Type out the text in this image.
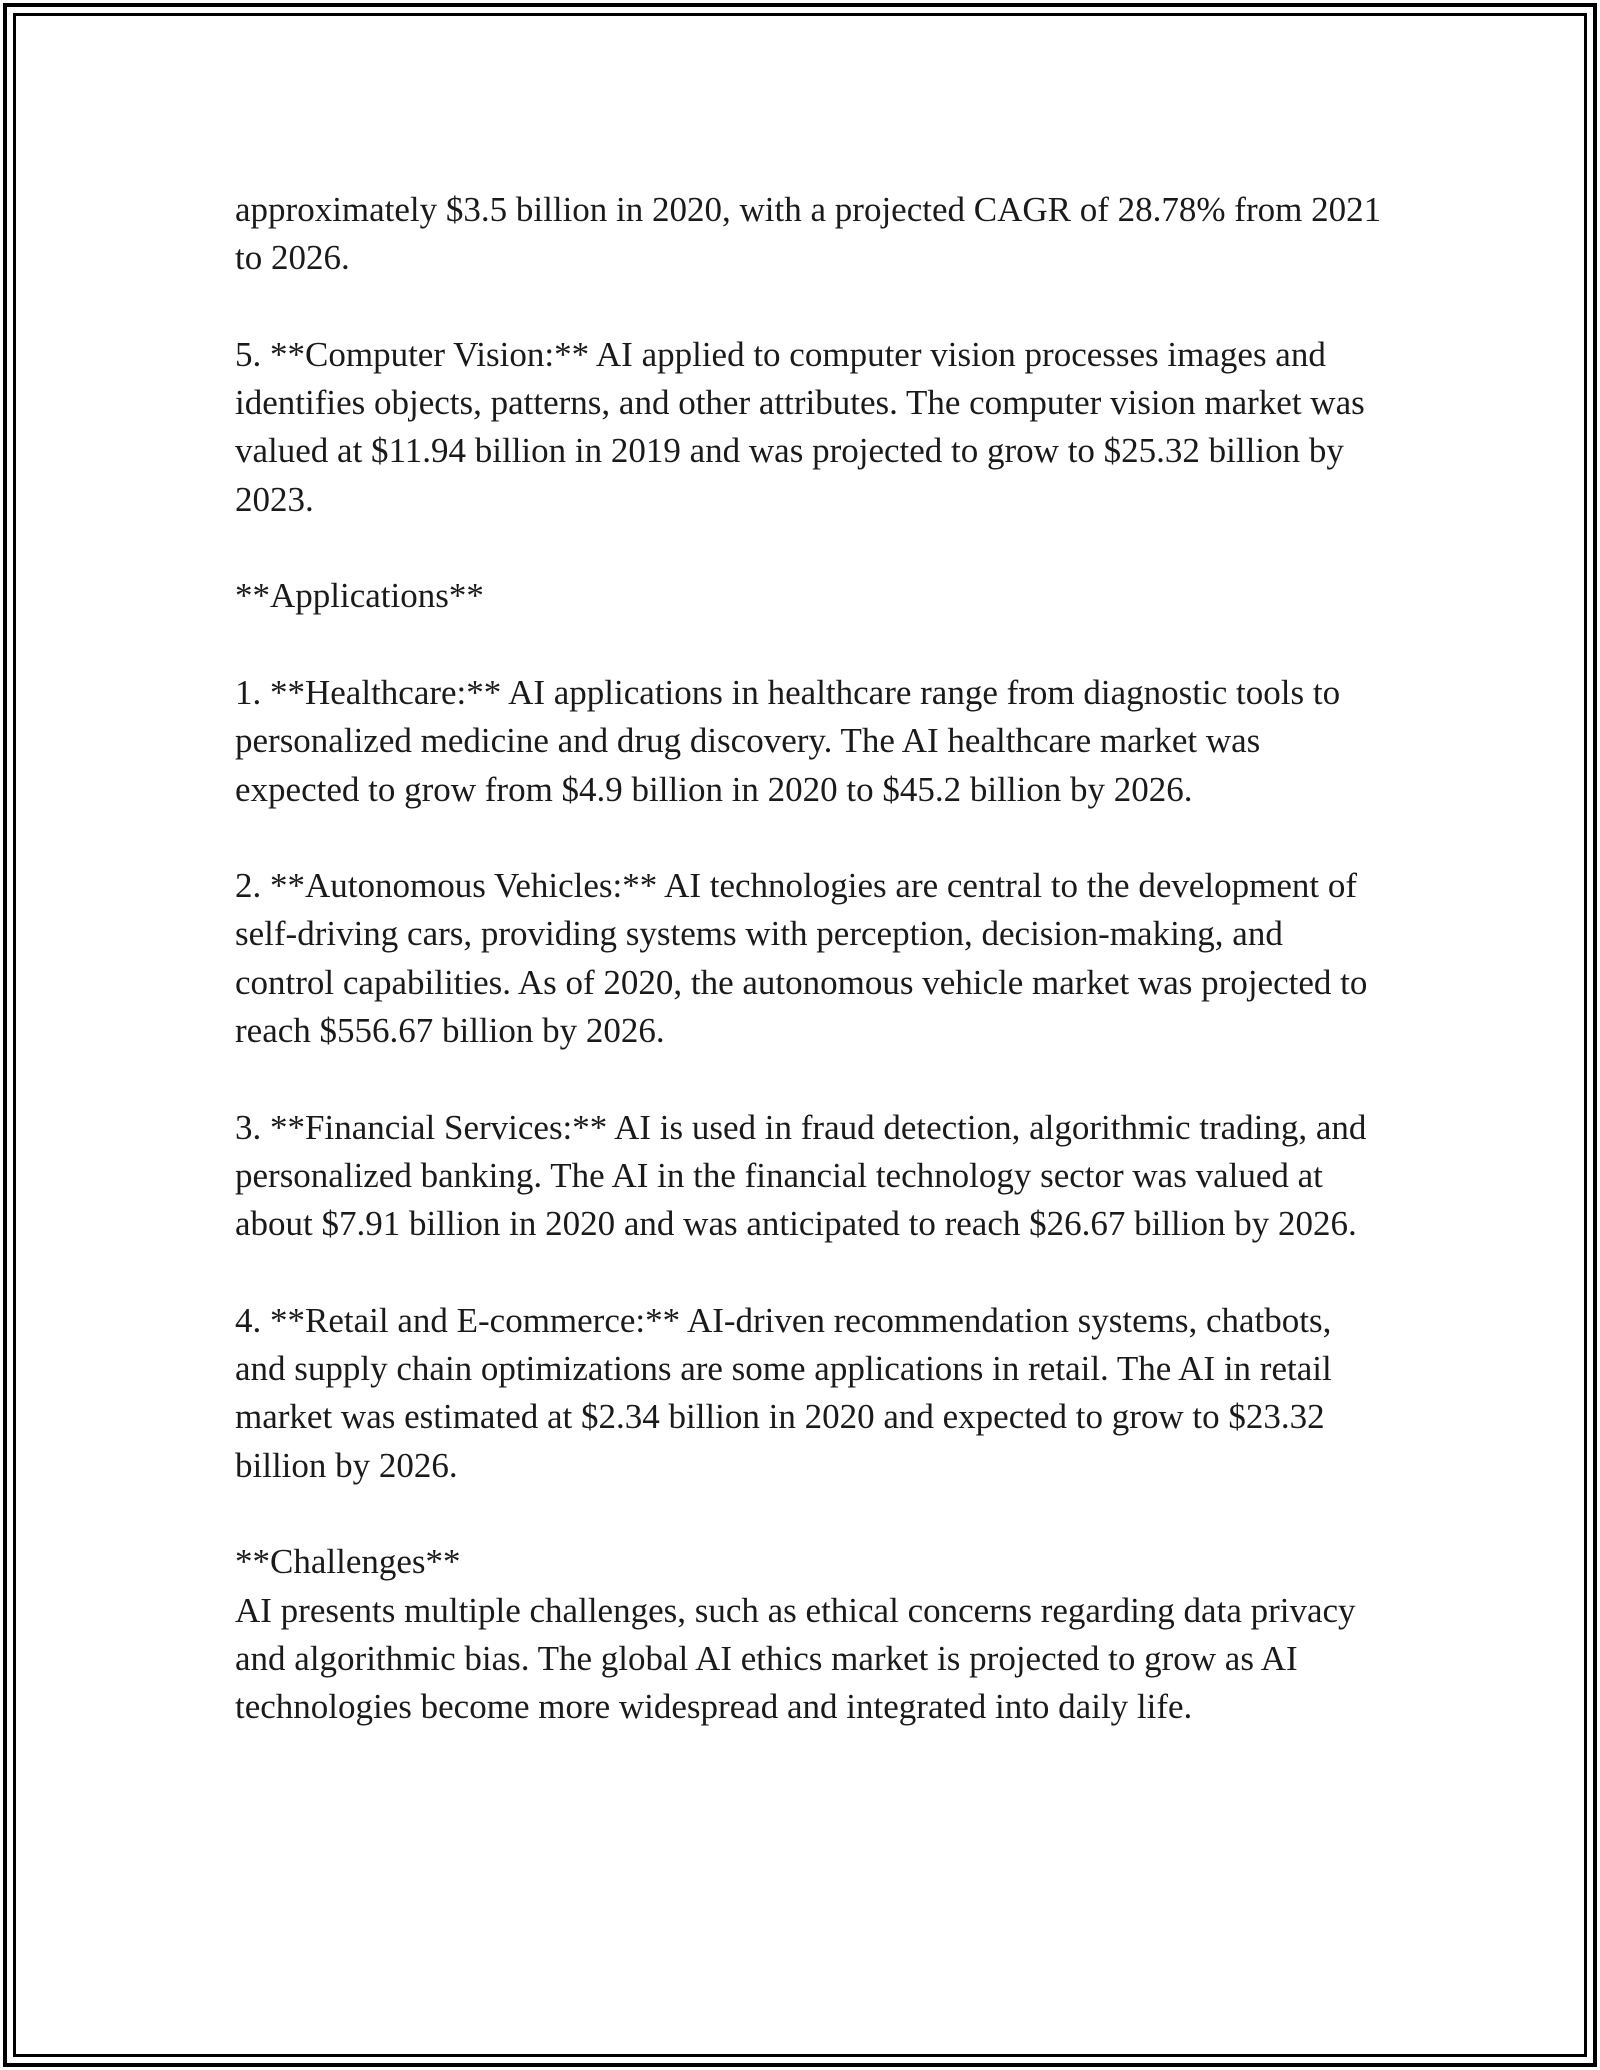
approximately $3.5 billion in 2020, with a projected CAGR of 28.78% from 2021 to 2026.

5. **Computer Vision:** AI applied to computer vision processes images and identifies objects, patterns, and other attributes. The computer vision market was valued at $11.94 billion in 2019 and was projected to grow to $25.32 billion by 2023.

**Applications**

1. **Healthcare:** AI applications in healthcare range from diagnostic tools to personalized medicine and drug discovery. The AI healthcare market was expected to grow from $4.9 billion in 2020 to $45.2 billion by 2026.

2. **Autonomous Vehicles:** AI technologies are central to the development of self-driving cars, providing systems with perception, decision-making, and control capabilities. As of 2020, the autonomous vehicle market was projected to reach $556.67 billion by 2026.

3. **Financial Services:** AI is used in fraud detection, algorithmic trading, and personalized banking. The AI in the financial technology sector was valued at about $7.91 billion in 2020 and was anticipated to reach $26.67 billion by 2026.

4. **Retail and E-commerce:** AI-driven recommendation systems, chatbots, and supply chain optimizations are some applications in retail. The AI in retail market was estimated at $2.34 billion in 2020 and expected to grow to $23.32 billion by 2026.

**Challenges**

AI presents multiple challenges, such as ethical concerns regarding data privacy and algorithmic bias. The global AI ethics market is projected to grow as AI technologies become more widespread and integrated into daily life.
